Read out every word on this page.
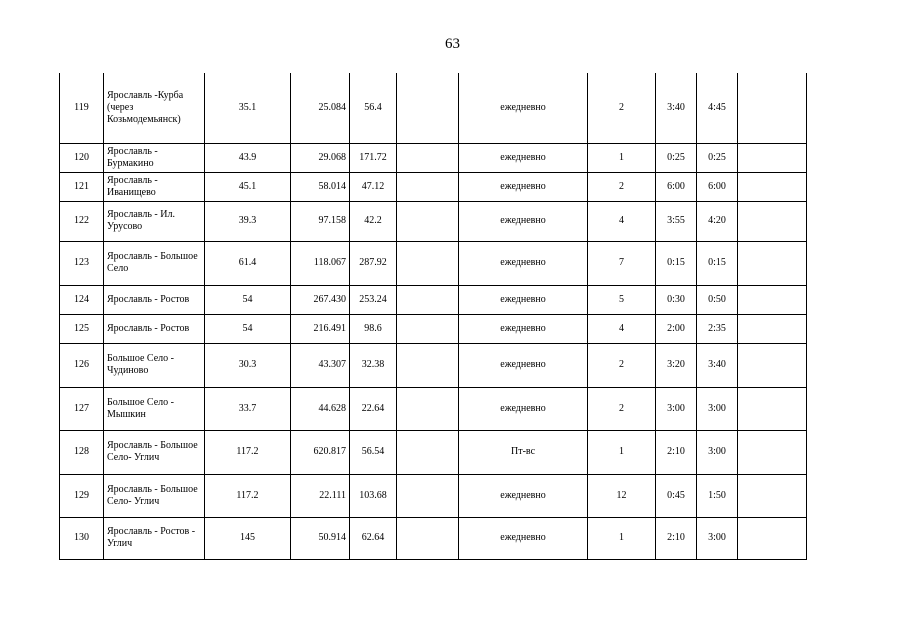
63
119	Ярославль -Курба (через Козьмодемьянск)	35.1	25.084	56.4		ежедневно	2	3:40	4:45	
120	Ярославль - Бурмакино	43.9	29.068	171.72		ежедневно	1	0:25	0:25	
121	Ярославль - Иванищево	45.1	58.014	47.12		ежедневно	2	6:00	6:00	
122	Ярославль - Ил. Урусово	39.3	97.158	42.2		ежедневно	4	3:55	4:20	
123	Ярославль - Большое Село	61.4	118.067	287.92		ежедневно	7	0:15	0:15	
124	Ярославль - Ростов	54	267.430	253.24		ежедневно	5	0:30	0:50	
125	Ярославль - Ростов	54	216.491	98.6		ежедневно	4	2:00	2:35	
126	Большое Село - Чудиново	30.3	43.307	32.38		ежедневно	2	3:20	3:40	
127	Большое Село - Мышкин	33.7	44.628	22.64		ежедневно	2	3:00	3:00	
128	Ярославль - Большое Село- Углич	117.2	620.817	56.54		Пт-вс	1	2:10	3:00	
129	Ярославль - Большое Село- Углич	117.2	22.111	103.68		ежедневно	12	0:45	1:50	
130	Ярославль - Ростов - Углич	145	50.914	62.64		ежедневно	1	2:10	3:00	
